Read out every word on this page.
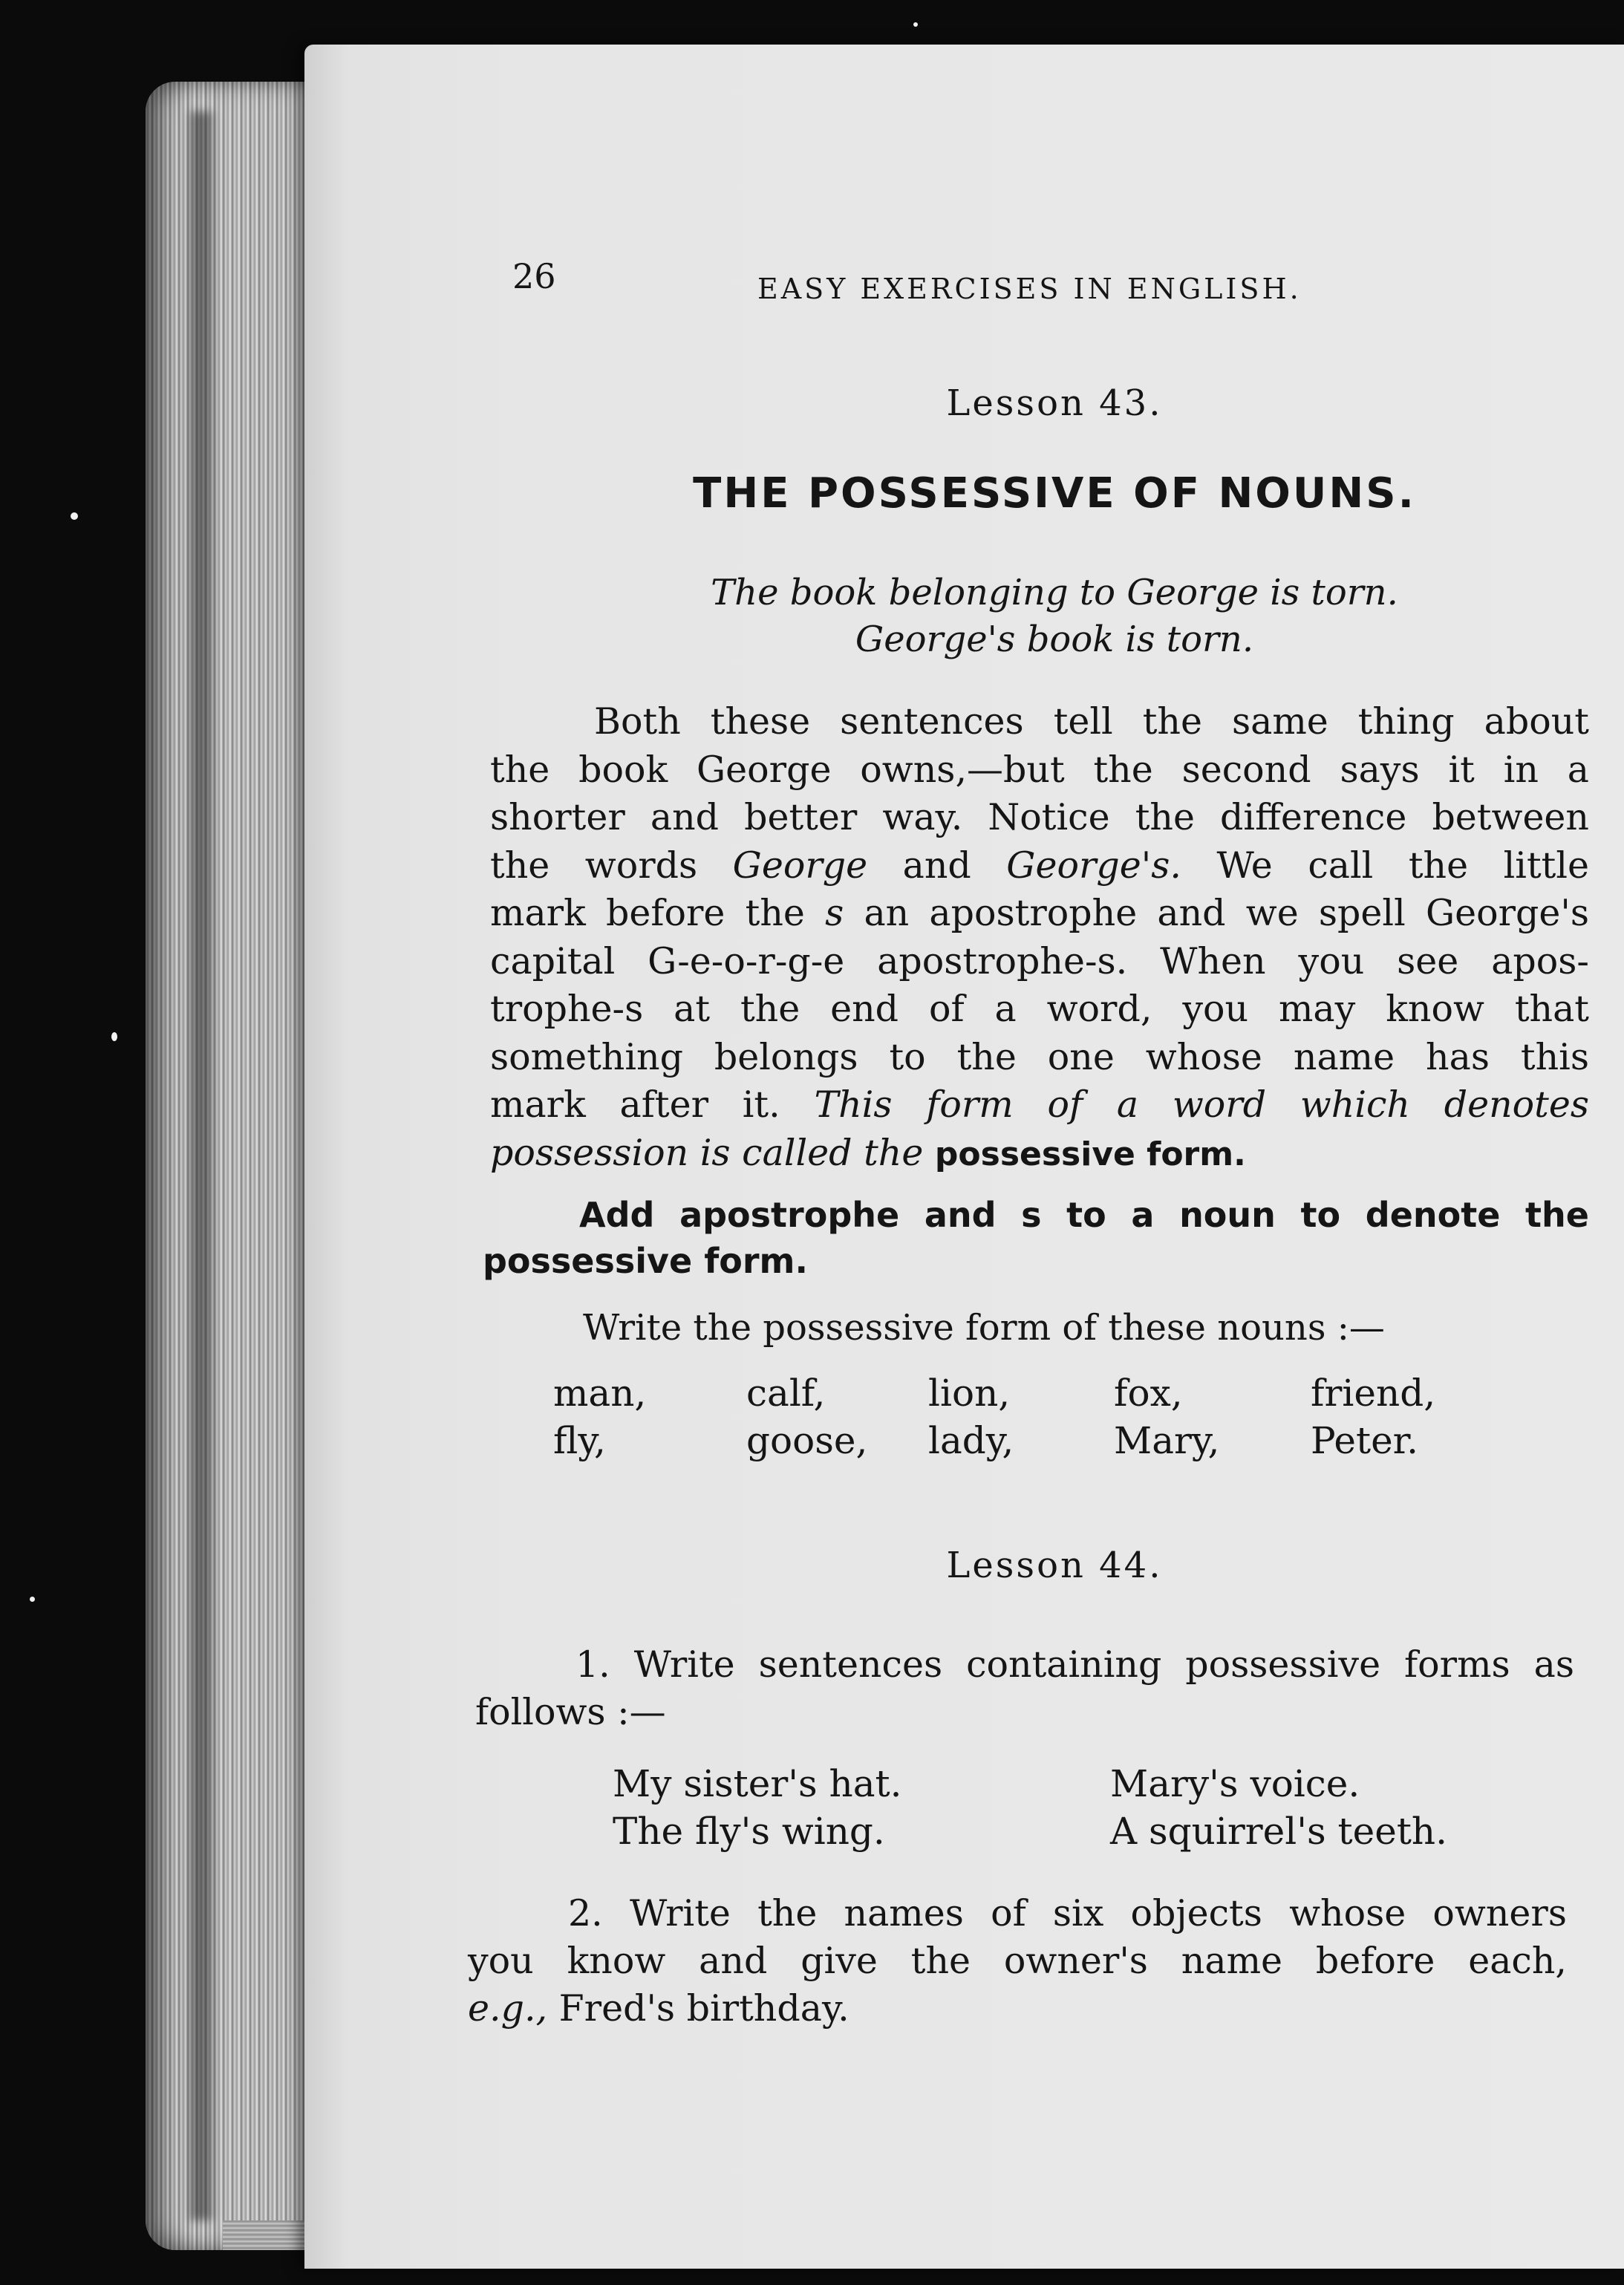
26	EASY EXERCISES IN ENGLISH.
Lesson 43.
THE POSSESSIVE OF NOUNS.
The book belonging to George is torn.
George's book is torn.
Both these sentences tell the same thing about
the book George owns,—but the second says it in a
shorter and better way. Notice the difference between
the words George and George's. We call the little
mark before the s an apostrophe and we spell George's
capital G-e-o-r-g-e apostrophe-s. When you see apos-
trophe-s at the end of a word, you may know that
something belongs to the one whose name has this
mark after it. This form of a word which denotes
possession is called the possessive form.
Add apostrophe and s to a noun to denote the
possessive form.
Write the possessive form of these nouns :—
man,	calf,	lion,	fox,	friend,
fly,	goose,	lady,	Mary,	Peter.
Lesson 44.
1. Write sentences containing possessive forms as
follows :—
My sister's hat.	Mary's voice.
The fly's wing.	A squirrel's teeth.
2. Write the names of six objects whose owners
you know and give the owner's name before each,
e.g., Fred's birthday.
